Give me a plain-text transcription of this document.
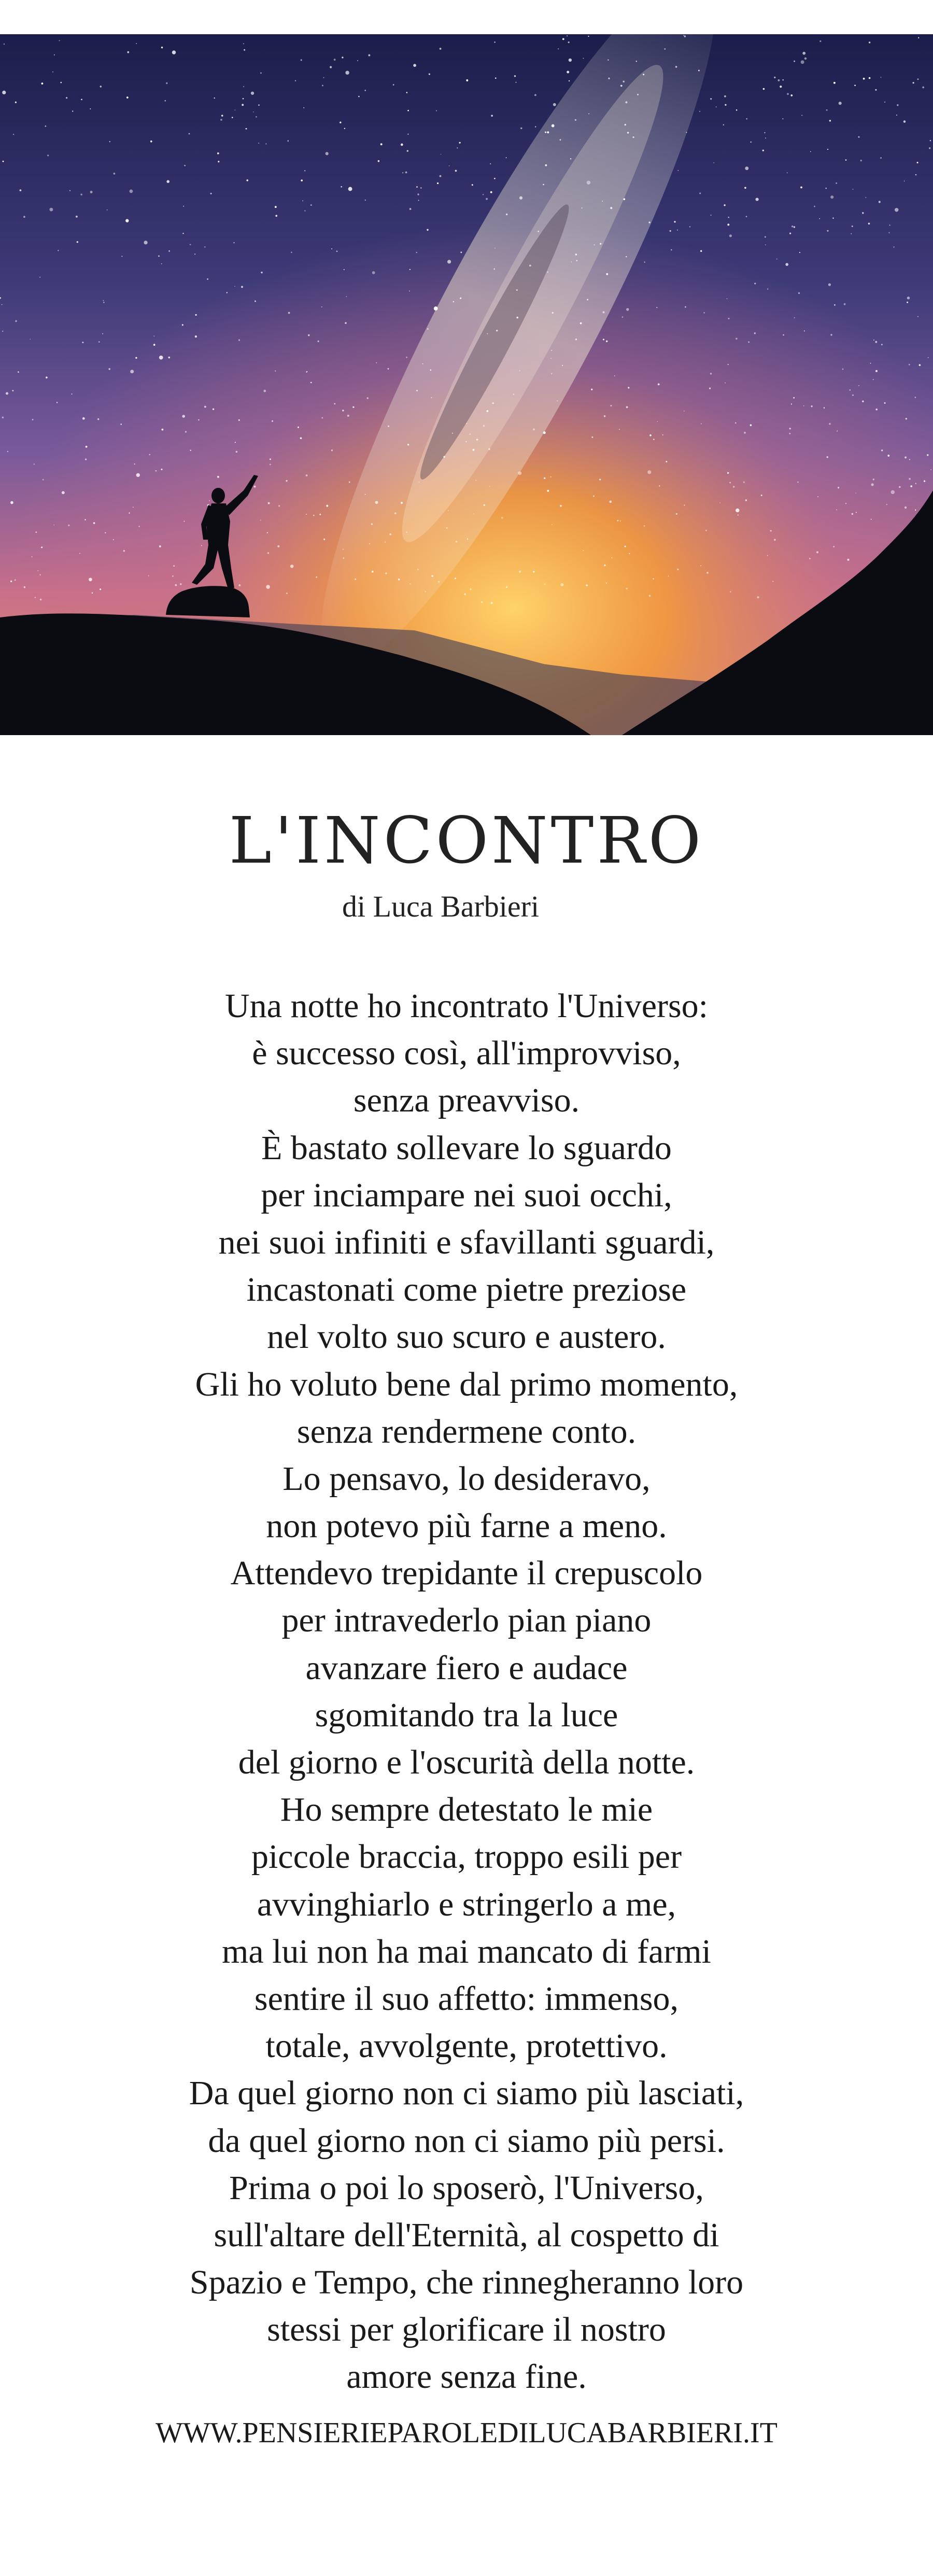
L'INCONTRO
di Luca Barbieri
Una notte ho incontrato l'Universo:
è successo così, all'improvviso,
senza preavviso.
È bastato sollevare lo sguardo
per inciampare nei suoi occhi,
nei suoi infiniti e sfavillanti sguardi,
incastonati come pietre preziose
nel volto suo scuro e austero.
Gli ho voluto bene dal primo momento,
senza rendermene conto.
Lo pensavo, lo desideravo,
non potevo più farne a meno.
Attendevo trepidante il crepuscolo
per intravederlo pian piano
avanzare fiero e audace
sgomitando tra la luce
del giorno e l'oscurità della notte.
Ho sempre detestato le mie
piccole braccia, troppo esili per
avvinghiarlo e stringerlo a me,
ma lui non ha mai mancato di farmi
sentire il suo affetto: immenso,
totale, avvolgente, protettivo.
Da quel giorno non ci siamo più lasciati,
da quel giorno non ci siamo più persi.
Prima o poi lo sposerò, l'Universo,
sull'altare dell'Eternità, al cospetto di
Spazio e Tempo, che rinnegheranno loro
stessi per glorificare il nostro
amore senza fine.
WWW.PENSIERIEPAROLEDILUCABARBIERI.IT
